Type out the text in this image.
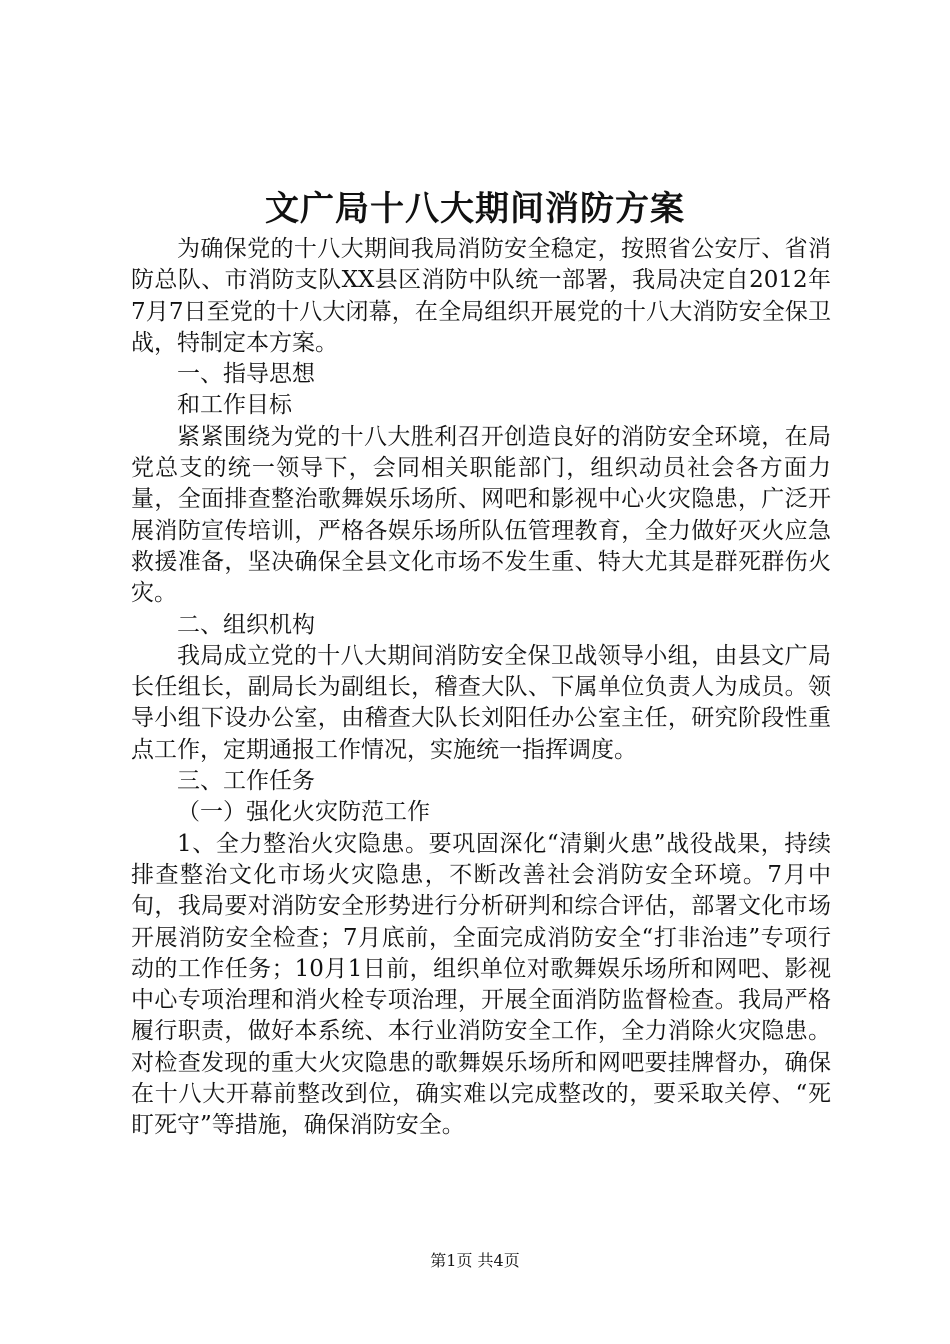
文广局十八大期间消防方案

为确保党的十八大期间我局消防安全稳定，按照省公安厅、省消防总队、市消防支队XX县区消防中队统一部署，我局决定自2012年7月7日至党的十八大闭幕，在全局组织开展党的十八大消防安全保卫战，特制定本方案。

一、指导思想

和工作目标

紧紧围绕为党的十八大胜利召开创造良好的消防安全环境，在局党总支的统一领导下，会同相关职能部门，组织动员社会各方面力量，全面排查整治歌舞娱乐场所、网吧和影视中心火灾隐患，广泛开展消防宣传培训，严格各娱乐场所队伍管理教育，全力做好灭火应急救援准备，坚决确保全县文化市场不发生重、特大尤其是群死群伤火灾。

二、组织机构

我局成立党的十八大期间消防安全保卫战领导小组，由县文广局长任组长，副局长为副组长，稽查大队、下属单位负责人为成员。领导小组下设办公室，由稽查大队长刘阳任办公室主任，研究阶段性重点工作，定期通报工作情况，实施统一指挥调度。

三、工作任务

（一）强化火灾防范工作

1、全力整治火灾隐患。要巩固深化“清剿火患”战役战果，持续排查整治文化市场火灾隐患，不断改善社会消防安全环境。7月中旬，我局要对消防安全形势进行分析研判和综合评估，部署文化市场开展消防安全检查；7月底前，全面完成消防安全“打非治违”专项行动的工作任务；10月1日前，组织单位对歌舞娱乐场所和网吧、影视中心专项治理和消火栓专项治理，开展全面消防监督检查。我局严格履行职责，做好本系统、本行业消防安全工作，全力消除火灾隐患。对检查发现的重大火灾隐患的歌舞娱乐场所和网吧要挂牌督办，确保在十八大开幕前整改到位，确实难以完成整改的，要采取关停、“死盯死守”等措施，确保消防安全。

第1页 共4页
